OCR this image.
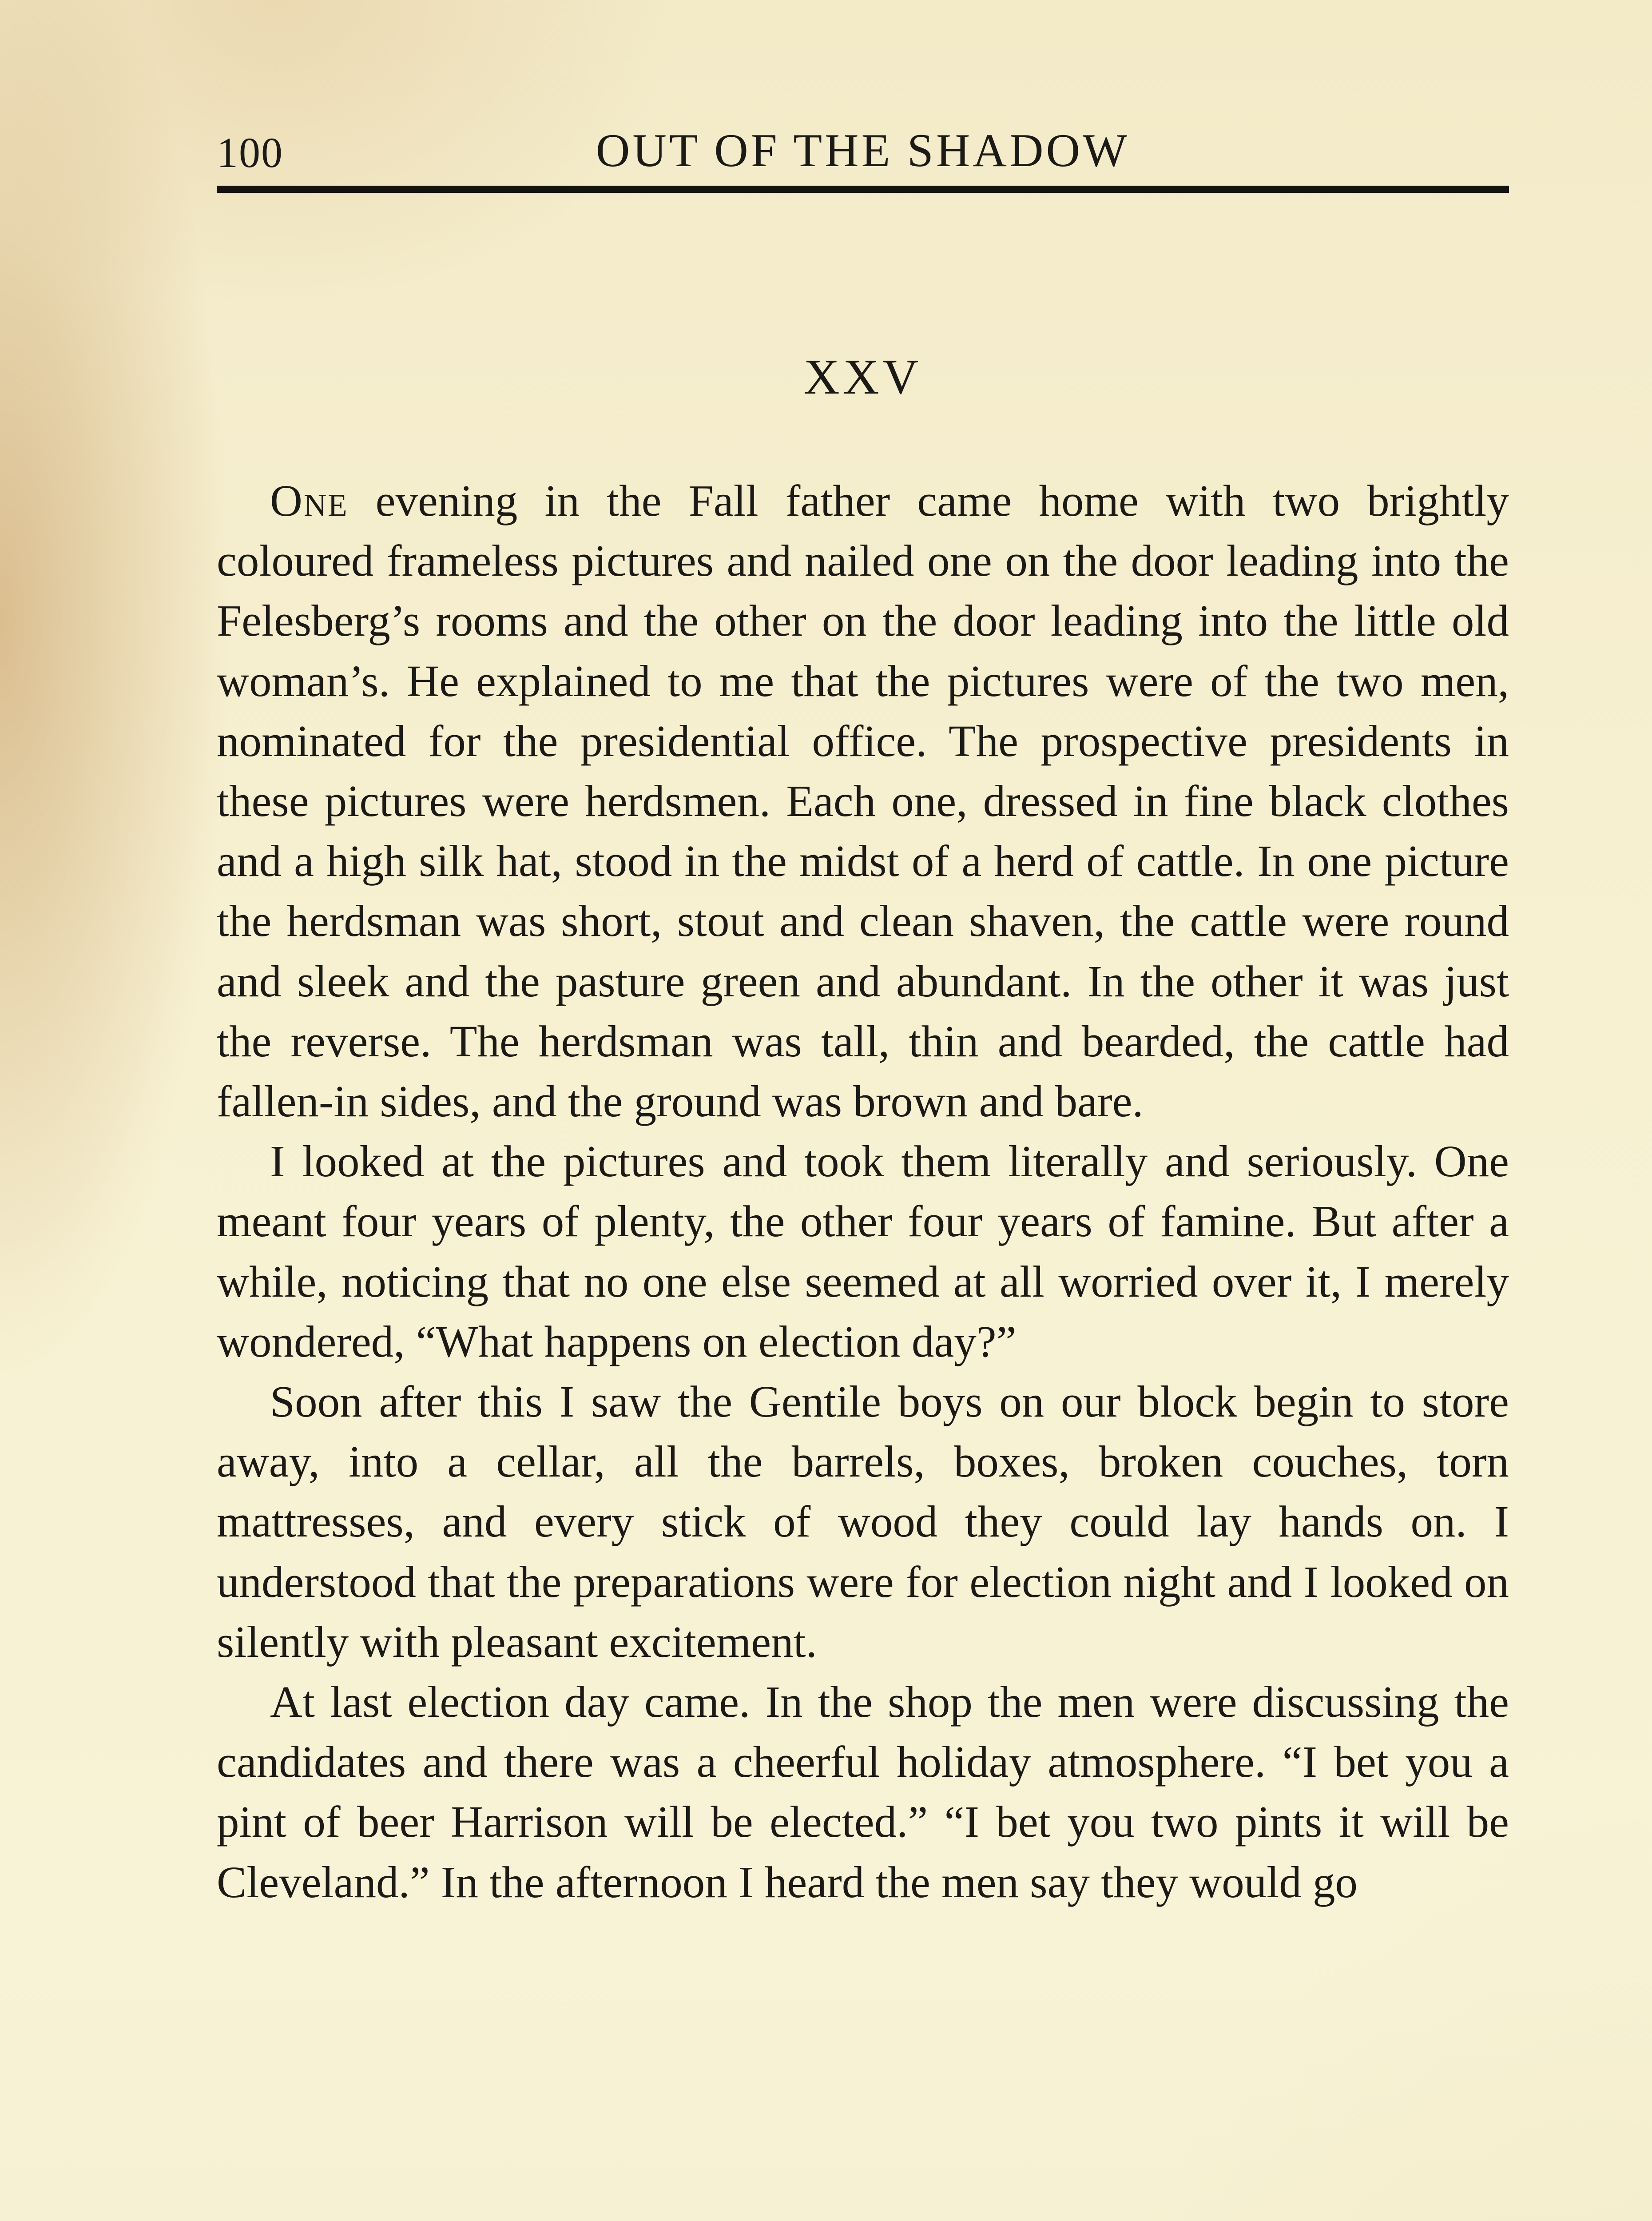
100	OUT OF THE SHADOW
XXV

One evening in the Fall father came home with two brightly coloured frameless pictures and nailed one on the door leading into the Felesberg’s rooms and the other on the door leading into the little old woman’s. He explained to me that the pictures were of the two men, nominated for the presidential office. The prospective presidents in these pictures were herdsmen. Each one, dressed in fine black clothes and a high silk hat, stood in the midst of a herd of cattle. In one picture the herdsman was short, stout and clean shaven, the cattle were round and sleek and the pasture green and abundant. In the other it was just the reverse. The herdsman was tall, thin and bearded, the cattle had fallen-in sides, and the ground was brown and bare.

I looked at the pictures and took them literally and seriously. One meant four years of plenty, the other four years of famine. But after a while, noticing that no one else seemed at all worried over it, I merely wondered, “What happens on election day?”

Soon after this I saw the Gentile boys on our block begin to store away, into a cellar, all the barrels, boxes, broken couches, torn mattresses, and every stick of wood they could lay hands on. I understood that the preparations were for election night and I looked on silently with pleasant excitement.

At last election day came. In the shop the men were discussing the candidates and there was a cheerful holiday atmosphere. “I bet you a pint of beer Harrison will be elected.” “I bet you two pints it will be Cleveland.” In the afternoon I heard the men say they would go
